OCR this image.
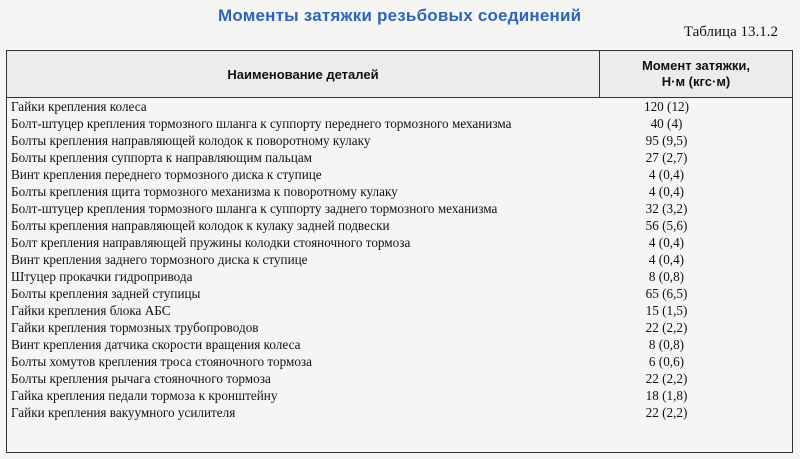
Моменты затяжки резьбовых соединений
Таблица 13.1.2
Наименование деталей
Момент затяжки,
Н·м (кгс·м)
Гайки крепления колеса	120 (12)
Болт-штуцер крепления тормозного шланга к суппорту переднего тормозного механизма	40 (4)
Болты крепления направляющей колодок к поворотному кулаку	95 (9,5)
Болты крепления суппорта к направляющим пальцам	27 (2,7)
Винт крепления переднего тормозного диска к ступице	4 (0,4)
Болты крепления щита тормозного механизма к поворотному кулаку	4 (0,4)
Болт-штуцер крепления тормозного шланга к суппорту заднего тормозного механизма	32 (3,2)
Болты крепления направляющей колодок к кулаку задней подвески	56 (5,6)
Болт крепления направляющей пружины колодки стояночного тормоза	4 (0,4)
Винт крепления заднего тормозного диска к ступице	4 (0,4)
Штуцер прокачки гидропривода	8 (0,8)
Болты крепления задней ступицы	65 (6,5)
Гайки крепления блока АБС	15 (1,5)
Гайки крепления тормозных трубопроводов	22 (2,2)
Винт крепления датчика скорости вращения колеса	8 (0,8)
Болты хомутов крепления троса стояночного тормоза	6 (0,6)
Болты крепления рычага стояночного тормоза	22 (2,2)
Гайка крепления педали тормоза к кронштейну	18 (1,8)
Гайки крепления вакуумного усилителя	22 (2,2)
